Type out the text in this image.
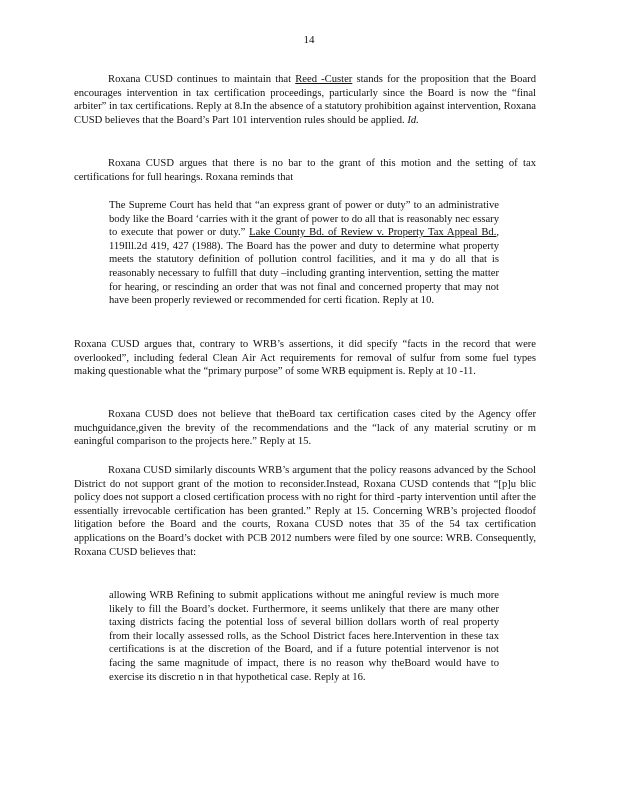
14

Roxana CUSD continues to maintain that Reed -Custer stands for the proposition that the Board encourages intervention in tax certification proceedings, particularly since the Board is now the “final arbiter” in tax certifications. Reply at 8.In the absence of a statutory prohibition against intervention, Roxana CUSD believes that the Board’s Part 101 intervention rules should be applied. Id.

Roxana CUSD argues that there is no bar to the grant of this motion and the setting of tax certifications for full hearings. Roxana reminds that

The Supreme Court has held that “an express grant of power or duty” to an administrative body like the Board ‘carries with it the grant of power to do all that is reasonably nec essary to execute that power or duty.” Lake County Bd. of Review v. Property Tax Appeal Bd., 119Ill.2d 419, 427 (1988). The Board has the power and duty to determine what property meets the statutory definition of pollution control facilities, and it ma y do all that is reasonably necessary to fulfill that duty –including granting intervention, setting the matter for hearing, or rescinding an order that was not final and concerned property that may not have been properly reviewed or recommended for certi fication. Reply at 10.

Roxana CUSD argues that, contrary to WRB’s assertions, it did specify “facts in the record that were overlooked”, including federal Clean Air Act requirements for removal of sulfur from some fuel types making questionable what the “primary purpose” of some WRB equipment is. Reply at 10 -11.

Roxana CUSD does not believe that theBoard tax certification cases cited by the Agency offer muchguidance,given the brevity of the recommendations and the “lack of any material scrutiny or m eaningful comparison to the projects here.” Reply at 15.

Roxana CUSD similarly discounts WRB’s argument that the policy reasons advanced by the School District do not support grant of the motion to reconsider.Instead, Roxana CUSD contends that “[p]u blic policy does not support a closed certification process with no right for third -party intervention until after the essentially irrevocable certification has been granted.” Reply at 15. Concerning WRB’s projected floodof litigation before the Board and the courts, Roxana CUSD notes that 35 of the 54 tax certification applications on the Board’s docket with PCB 2012 numbers were filed by one source: WRB. Consequently, Roxana CUSD believes that:

allowing WRB Refining to submit applications without me aningful review is much more likely to fill the Board’s docket. Furthermore, it seems unlikely that there are many other taxing districts facing the potential loss of several billion dollars worth of real property from their locally assessed rolls, as the School District faces here.Intervention in these tax certifications is at the discretion of the Board, and if a future potential intervenor is not facing the same magnitude of impact, there is no reason why theBoard would have to exercise its discretio n in that hypothetical case. Reply at 16.
